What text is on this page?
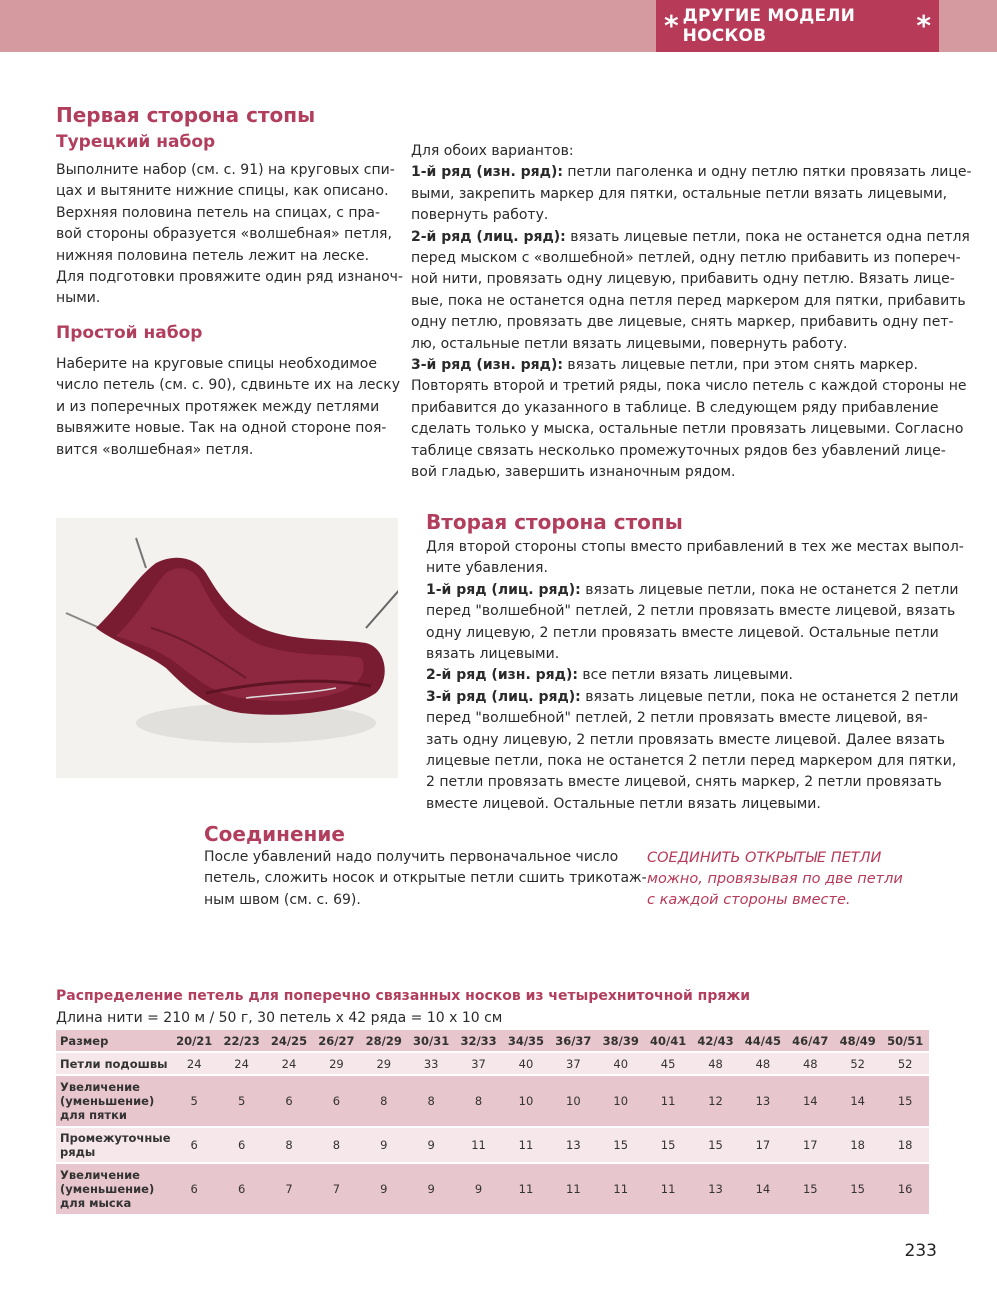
* ДРУГИЕ МОДЕЛИ НОСКОВ	*
Первая сторона стопы
Турецкий набор

Выполните набор (см. с. 91) на круговых спи-
цах и вытяните нижние спицы, как описано.
Верхняя половина петель на спицах, с пра-
вой стороны образуется «волшебная» петля,
нижняя половина петель лежит на леске.
Для подготовки провяжите один ряд изнаноч-
ными.

Простой набор

Наберите на круговые спицы необходимое
число петель (см. с. 90), сдвиньте их на леску
и из поперечных протяжек между петлями
вывяжите новые. Так на одной стороне поя-
вится «волшебная» петля.

Для обоих вариантов:
1-й ряд (изн. ряд): петли паголенка и одну петлю пятки провязать лице-
выми, закрепить маркер для пятки, остальные петли вязать лицевыми,
повернуть работу.
2-й ряд (лиц. ряд): вязать лицевые петли, пока не останется одна петля
перед мыском с «волшебной» петлей, одну петлю прибавить из попереч-
ной нити, провязать одну лицевую, прибавить одну петлю. Вязать лице-
вые, пока не останется одна петля перед маркером для пятки, прибавить
одну петлю, провязать две лицевые, снять маркер, прибавить одну пет-
лю, остальные петли вязать лицевыми, повернуть работу.
3-й ряд (изн. ряд): вязать лицевые петли, при этом снять маркер.
Повторять второй и третий ряды, пока число петель с каждой стороны не
прибавится до указанного в таблице. В следующем ряду прибавление
сделать только у мыска, остальные петли провязать лицевыми. Согласно
таблице связать несколько промежуточных рядов без убавлений лице-
вой гладью, завершить изнаночным рядом.

Вторая сторона стопы

Для второй стороны стопы вместо прибавлений в тех же местах выпол-
ните убавления.
1-й ряд (лиц. ряд): вязать лицевые петли, пока не останется 2 петли
перед "волшебной" петлей, 2 петли провязать вместе лицевой, вязать
одну лицевую, 2 петли провязать вместе лицевой. Остальные петли
вязать лицевыми.
2-й ряд (изн. ряд): все петли вязать лицевыми.
3-й ряд (лиц. ряд): вязать лицевые петли, пока не останется 2 петли
перед "волшебной" петлей, 2 петли провязать вместе лицевой, вя-
зать одну лицевую, 2 петли провязать вместе лицевой. Далее вязать
лицевые петли, пока не останется 2 петли перед маркером для пятки,
2 петли провязать вместе лицевой, снять маркер, 2 петли провязать
вместе лицевой. Остальные петли вязать лицевыми.

Соединение

После убавлений надо получить первоначальное число
петель, сложить носок и открытые петли сшить трикотаж-
ным швом (см. с. 69).

СОЕДИНИТЬ ОТКРЫТЫЕ ПЕТЛИ
можно, провязывая по две петли
с каждой стороны вместе.
Распределение петель для поперечно связанных носков из четырехниточной пряжи
Длина нити = 210 м / 50 г, 30 петель х 42 ряда = 10 х 10 см
Размер	20/21	22/23	24/25	26/27	28/29	30/31	32/33	34/35	36/37	38/39	40/41	42/43	44/45	46/47	48/49	50/51

Петли подошвы	24	24	24	29	29	33	37	40	37	40	45	48	48	48	52	52

Увеличение
(уменьшение)
для пятки	5	5	6	6	8	8	8	10	10	10	11	12	13	14	14	15

Промежуточные
ряды	6	6	8	8	9	9	11	11	13	15	15	15	17	17	18	18

Увеличение
(уменьшение)
для мыска	6	6	7	7	9	9	9	11	11	11	11	13	14	15	15	16
233
